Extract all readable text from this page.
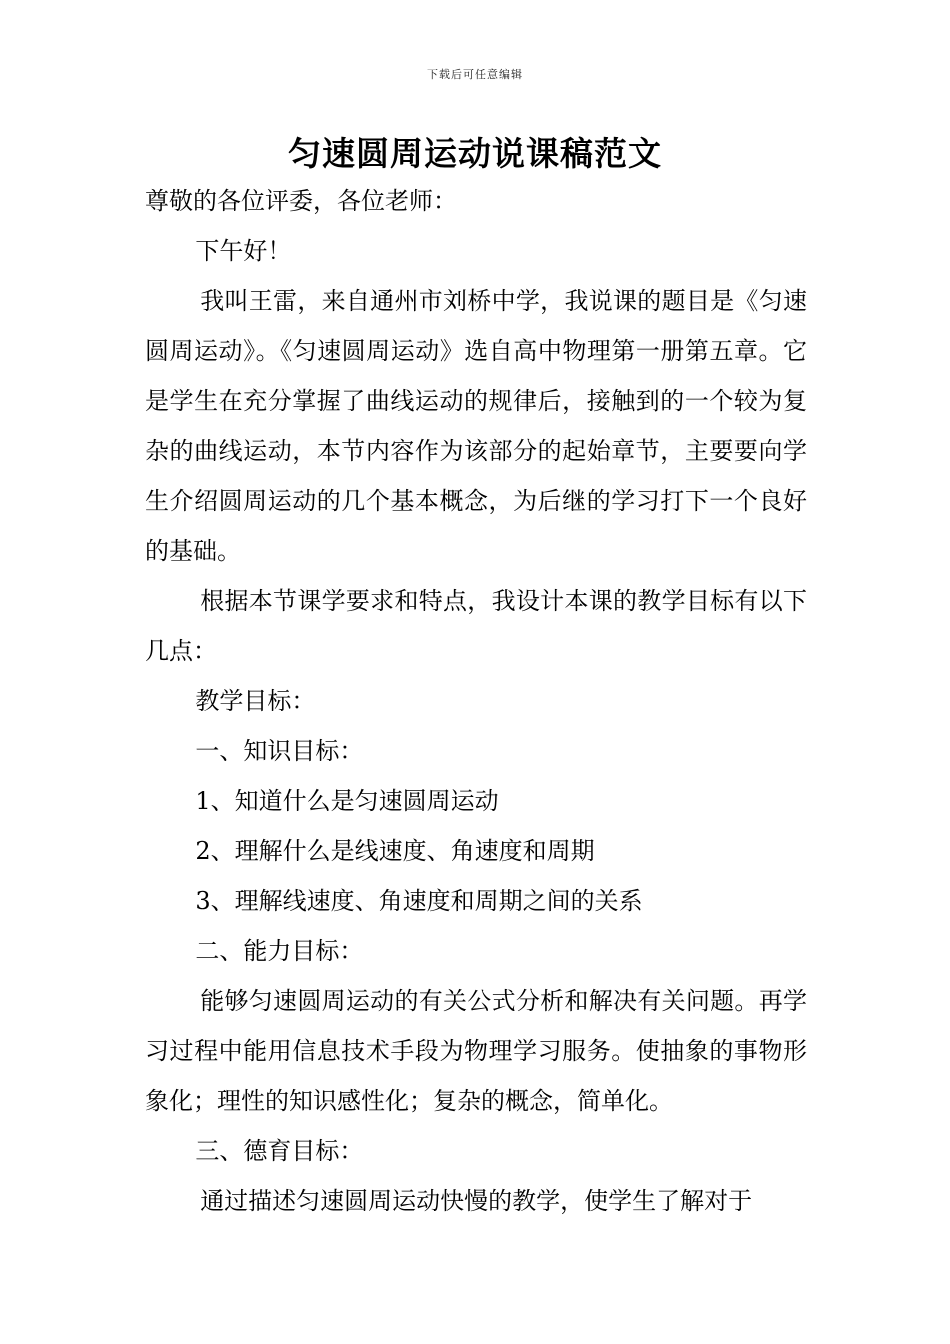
下载后可任意编辑
匀速圆周运动说课稿范文

尊敬的各位评委，各位老师：

下午好！

我叫王雷，来自通州市刘桥中学，我说课的题目是《匀速圆周运动》。《匀速圆周运动》选自高中物理第一册第五章。它是学生在充分掌握了曲线运动的规律后，接触到的一个较为复杂的曲线运动，本节内容作为该部分的起始章节，主要要向学生介绍圆周运动的几个基本概念，为后继的学习打下一个良好的基础。

根据本节课学要求和特点，我设计本课的教学目标有以下几点：

教学目标：

一、知识目标：

1、知道什么是匀速圆周运动

2、理解什么是线速度、角速度和周期

3、理解线速度、角速度和周期之间的关系

二、能力目标：

能够匀速圆周运动的有关公式分析和解决有关问题。再学习过程中能用信息技术手段为物理学习服务。使抽象的事物形象化；理性的知识感性化；复杂的概念，简单化。

三、德育目标：

通过描述匀速圆周运动快慢的教学，使学生了解对于
